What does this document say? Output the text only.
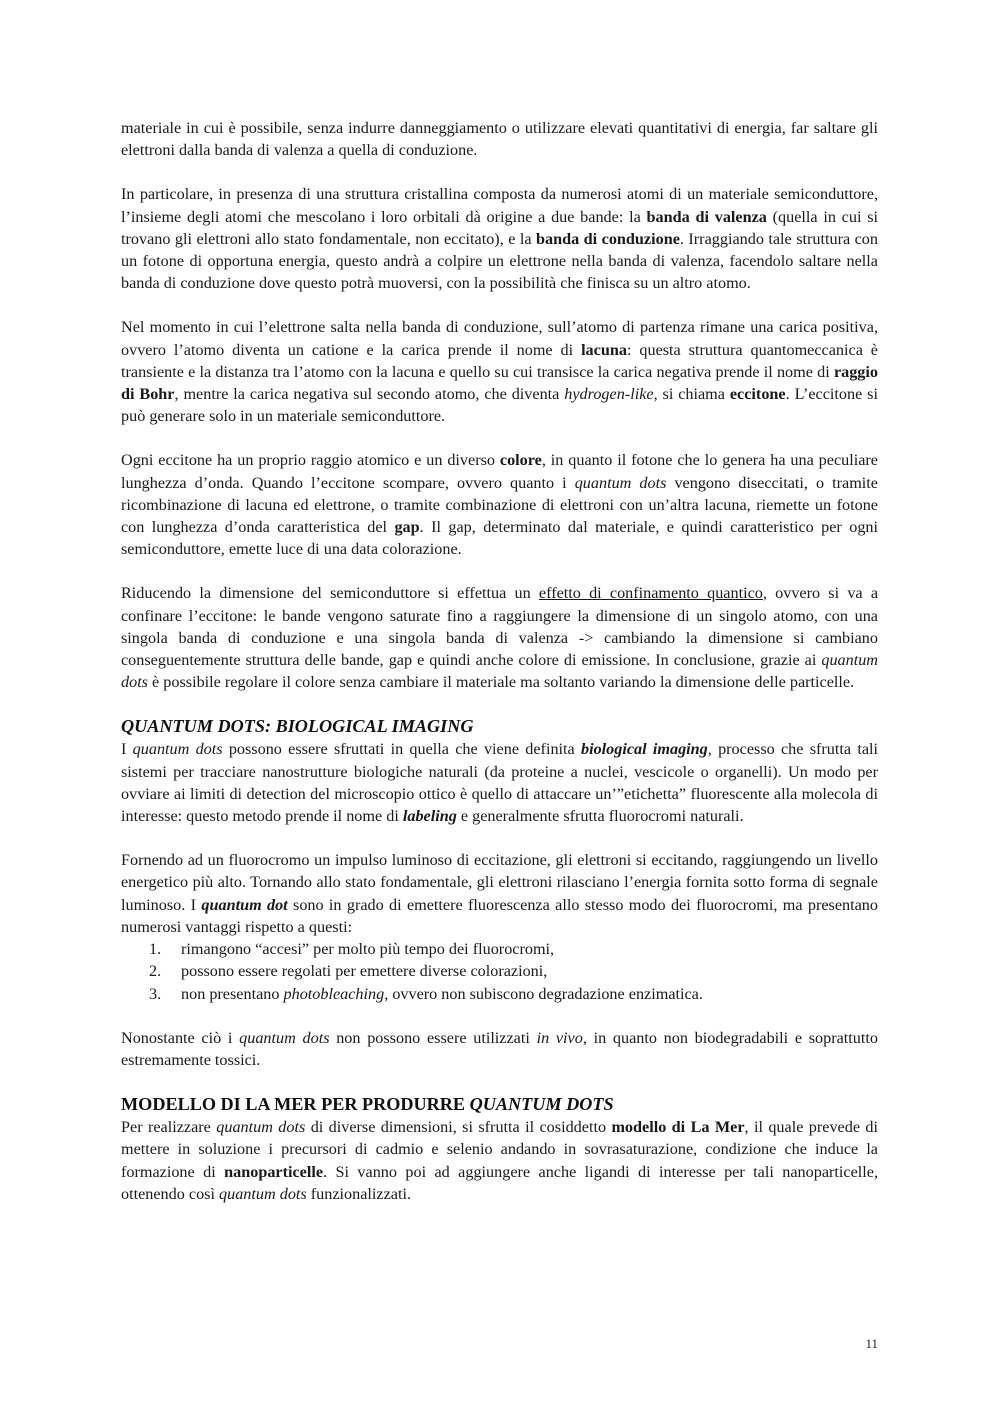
materiale in cui è possibile, senza indurre danneggiamento o utilizzare elevati quantitativi di energia, far saltare gli elettroni dalla banda di valenza a quella di conduzione.

In particolare, in presenza di una struttura cristallina composta da numerosi atomi di un materiale semiconduttore, l’insieme degli atomi che mescolano i loro orbitali dà origine a due bande: la banda di valenza (quella in cui si trovano gli elettroni allo stato fondamentale, non eccitato), e la banda di conduzione. Irraggiando tale struttura con un fotone di opportuna energia, questo andrà a colpire un elettrone nella banda di valenza, facendolo saltare nella banda di conduzione dove questo potrà muoversi, con la possibilità che finisca su un altro atomo.

Nel momento in cui l’elettrone salta nella banda di conduzione, sull’atomo di partenza rimane una carica positiva, ovvero l’atomo diventa un catione e la carica prende il nome di lacuna: questa struttura quantomeccanica è transiente e la distanza tra l’atomo con la lacuna e quello su cui transisce la carica negativa prende il nome di raggio di Bohr, mentre la carica negativa sul secondo atomo, che diventa hydrogen-like, si chiama eccitone. L’eccitone si può generare solo in un materiale semiconduttore.

Ogni eccitone ha un proprio raggio atomico e un diverso colore, in quanto il fotone che lo genera ha una peculiare lunghezza d’onda. Quando l’eccitone scompare, ovvero quanto i quantum dots vengono diseccitati, o tramite ricombinazione di lacuna ed elettrone, o tramite combinazione di elettroni con un’altra lacuna, riemette un fotone con lunghezza d’onda caratteristica del gap. Il gap, determinato dal materiale, e quindi caratteristico per ogni semiconduttore, emette luce di una data colorazione.

Riducendo la dimensione del semiconduttore si effettua un effetto di confinamento quantico, ovvero si va a confinare l’eccitone: le bande vengono saturate fino a raggiungere la dimensione di un singolo atomo, con una singola banda di conduzione e una singola banda di valenza -> cambiando la dimensione si cambiano conseguentemente struttura delle bande, gap e quindi anche colore di emissione. In conclusione, grazie ai quantum dots è possibile regolare il colore senza cambiare il materiale ma soltanto variando la dimensione delle particelle.

QUANTUM DOTS: BIOLOGICAL IMAGING

I quantum dots possono essere sfruttati in quella che viene definita biological imaging, processo che sfrutta tali sistemi per tracciare nanostrutture biologiche naturali (da proteine a nuclei, vescicole o organelli). Un modo per ovviare ai limiti di detection del microscopio ottico è quello di attaccare un’”etichetta” fluorescente alla molecola di interesse: questo metodo prende il nome di labeling e generalmente sfrutta fluorocromi naturali.

Fornendo ad un fluorocromo un impulso luminoso di eccitazione, gli elettroni si eccitando, raggiungendo un livello energetico più alto. Tornando allo stato fondamentale, gli elettroni rilasciano l’energia fornita sotto forma di segnale luminoso. I quantum dot sono in grado di emettere fluorescenza allo stesso modo dei fluorocromi, ma presentano numerosi vantaggi rispetto a questi:

1. rimangono “accesi” per molto più tempo dei fluorocromi,
2. possono essere regolati per emettere diverse colorazioni,
3. non presentano photobleaching, ovvero non subiscono degradazione enzimatica.

Nonostante ciò i quantum dots non possono essere utilizzati in vivo, in quanto non biodegradabili e soprattutto estremamente tossici.

MODELLO DI LA MER PER PRODURRE QUANTUM DOTS

Per realizzare quantum dots di diverse dimensioni, si sfrutta il cosiddetto modello di La Mer, il quale prevede di mettere in soluzione i precursori di cadmio e selenio andando in sovrasaturazione, condizione che induce la formazione di nanoparticelle. Si vanno poi ad aggiungere anche ligandi di interesse per tali nanoparticelle, ottenendo così quantum dots funzionalizzati.

11
